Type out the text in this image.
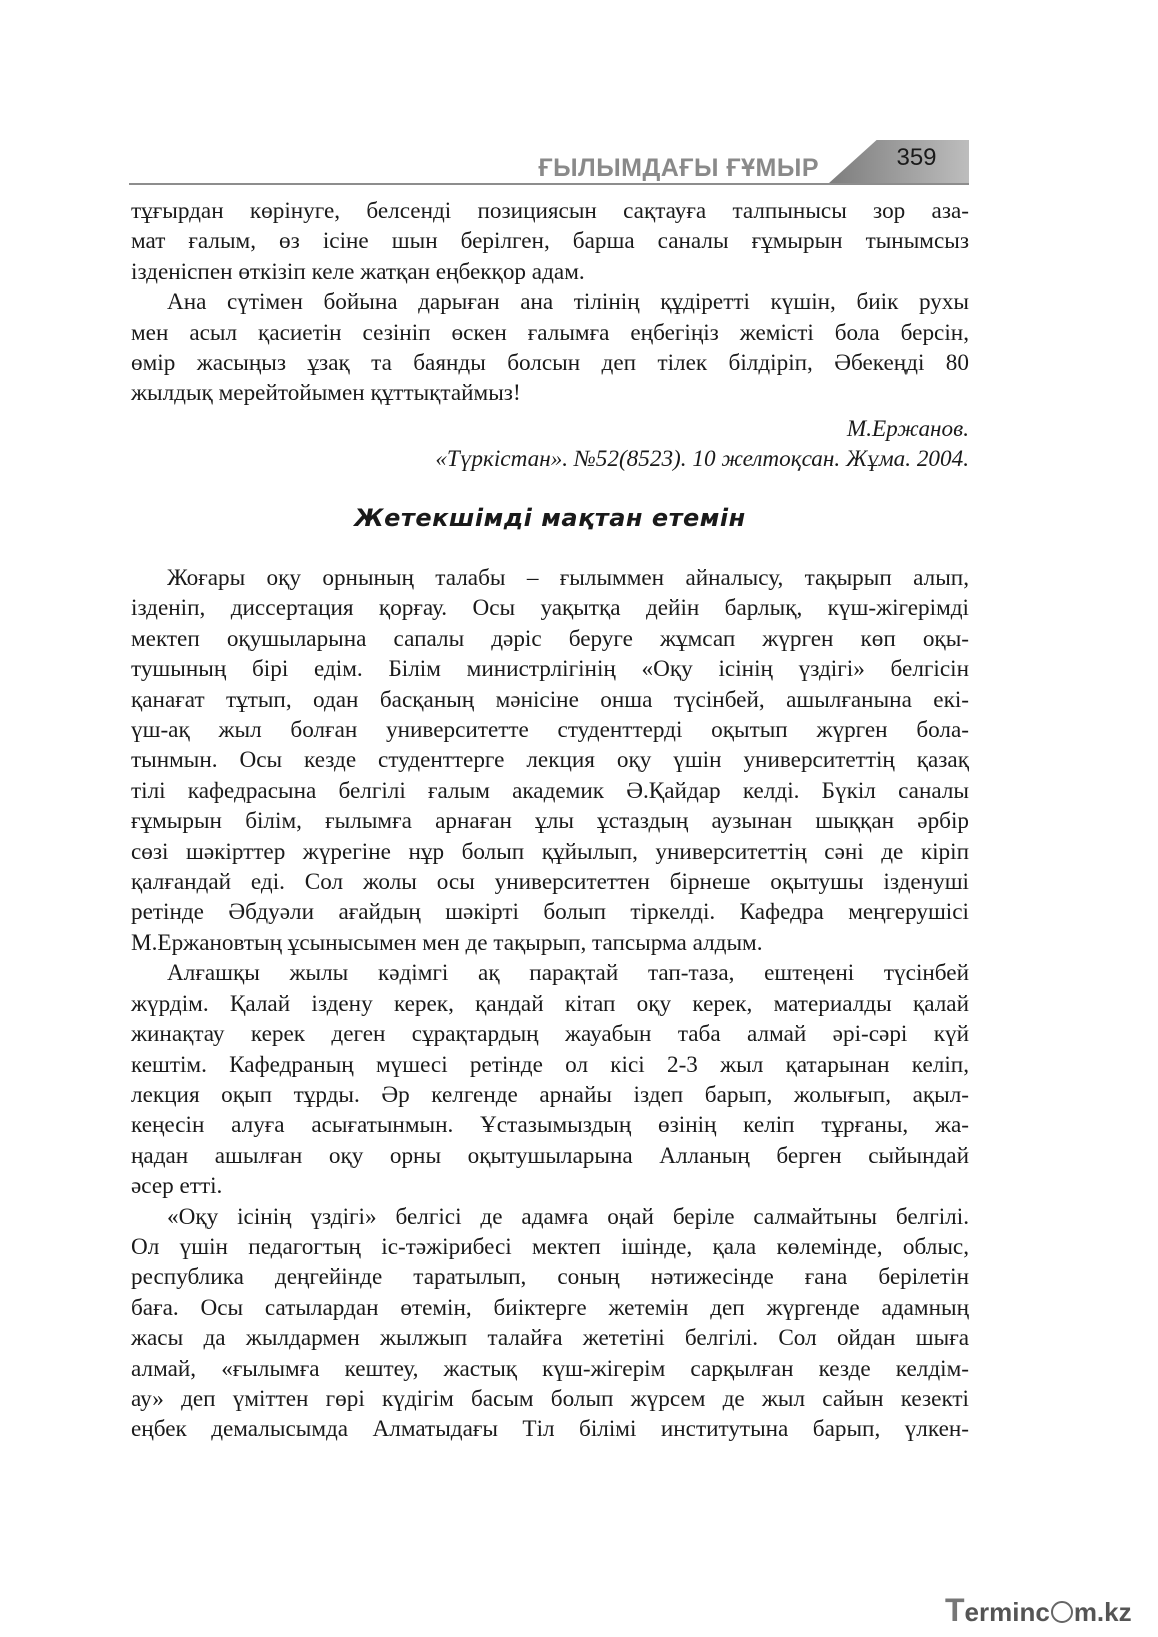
ҒЫЛЫМДАҒЫ ҒҰМЫР	359

тұғырдан көрінуге, белсенді позициясын сақтауға талпынысы зор аза-

мат ғалым, өз ісіне шын берілген, барша саналы ғұмырын тынымсыз

ізденіспен өткізіп келе жатқан еңбекқор адам.

Ана сүтімен бойына дарыған ана тілінің құдіретті күшін, биік рухы

мен асыл қасиетін сезініп өскен ғалымға еңбегіңіз жемісті бола берсін,

өмір жасыңыз ұзақ та баянды болсын деп тілек білдіріп, Әбекеңді 80

жылдық мерейтойымен құттықтаймыз!

М.Ержанов.
«Түркістан». №52(8523). 10 желтоқсан. Жұма. 2004.
Жетекшімді мақтан етемін

Жоғары оқу орнының талабы – ғылыммен айналысу, тақырып алып,

ізденіп, диссертация қорғау. Осы уақытқа дейін барлық, күш-жігерімді

мектеп оқушыларына сапалы дәріс беруге жұмсап жүрген көп оқы-

тушының бірі едім. Білім министрлігінің «Оқу ісінің үздігі» белгісін

қанағат тұтып, одан басқаның мәнісіне онша түсінбей, ашылғанына екі-

үш-ақ жыл болған университетте студенттерді оқытып жүрген бола-

тынмын. Осы кезде студенттерге лекция оқу үшін университеттің қазақ

тілі кафедрасына белгілі ғалым академик Ә.Қайдар келді. Бүкіл саналы

ғұмырын білім, ғылымға арнаған ұлы ұстаздың аузынан шыққан әрбір

сөзі шәкірттер жүрегіне нұр болып құйылып, университеттің сәні де кіріп

қалғандай еді. Сол жолы осы университеттен бірнеше оқытушы ізденуші

ретінде Әбдуәли ағайдың шәкірті болып тіркелді. Кафедра меңгерушісі

М.Ержановтың ұсынысымен мен де тақырып, тапсырма алдым.

Алғашқы жылы кәдімгі ақ парақтай тап-таза, ештеңені түсінбей

жүрдім. Қалай іздену керек, қандай кітап оқу керек, материалды қалай

жинақтау керек деген сұрақтардың жауабын таба алмай әрі-сәрі күй

кештім. Кафедраның мүшесі ретінде ол кісі 2-3 жыл қатарынан келіп,

лекция оқып тұрды. Әр келгенде арнайы іздеп барып, жолығып, ақыл-

кеңесін алуға асығатынмын. Ұстазымыздың өзінің келіп тұрғаны, жа-

ңадан ашылған оқу орны оқытушыларына Алланың берген сыйындай

әсер етті.

«Оқу ісінің үздігі» белгісі де адамға оңай беріле салмайтыны белгілі.

Ол үшін педагогтың іс-тәжірибесі мектеп ішінде, қала көлемінде, облыс,

республика деңгейінде таратылып, соның нәтижесінде ғана берілетін

баға. Осы сатылардан өтемін, биіктерге жетемін деп жүргенде адамның

жасы да жылдармен жылжып талайға жететіні белгілі. Сол ойдан шыға

алмай, «ғылымға кештеу, жастық күш-жігерім сарқылған кезде келдім-

ау» деп үміттен гөрі күдігім басым болып жүрсем де жыл сайын кезекті

еңбек демалысымда Алматыдағы Тіл білімі институтына барып, үлкен-

Terminc m.kz
